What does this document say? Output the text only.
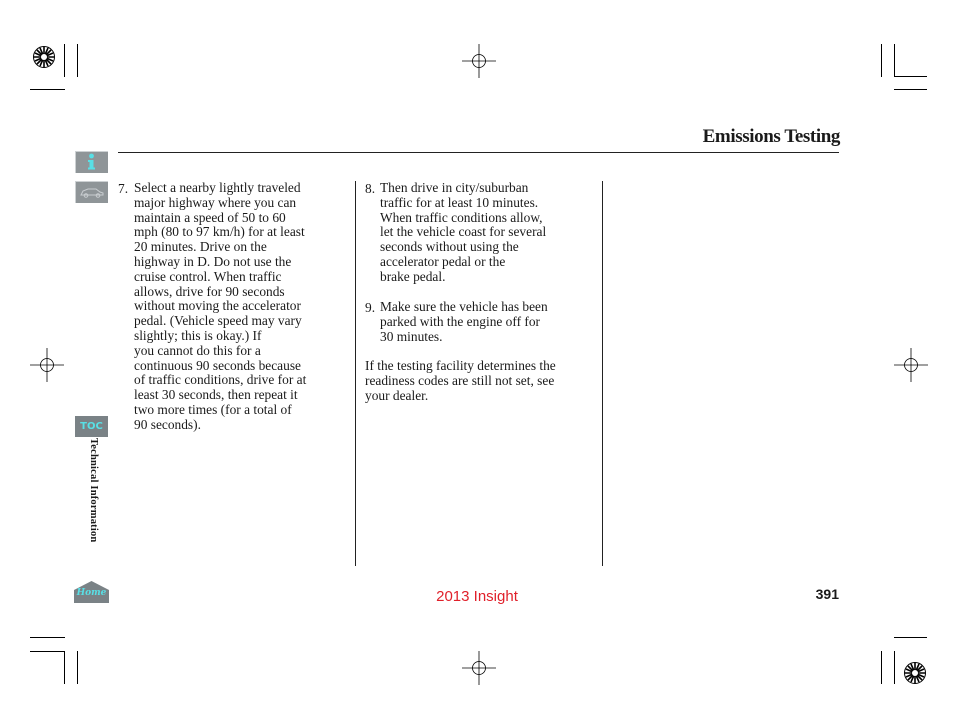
Emissions Testing
7. Select a nearby lightly traveled
major highway where you can
maintain a speed of 50 to 60
mph (80 to 97 km/h) for at least
20 minutes. Drive on the
highway in D. Do not use the
cruise control. When traffic
allows, drive for 90 seconds
without moving the accelerator
pedal. (Vehicle speed may vary
slightly; this is okay.) If
you cannot do this for a
continuous 90 seconds because
of traffic conditions, drive for at
least 30 seconds, then repeat it
two more times (for a total of
90 seconds).
8. Then drive in city/suburban
traffic for at least 10 minutes.
When traffic conditions allow,
let the vehicle coast for several
seconds without using the
accelerator pedal or the
brake pedal.
9. Make sure the vehicle has been
parked with the engine off for
30 minutes.
If the testing facility determines the
readiness codes are still not set, see
your dealer.
TOC
Technical Information
Home	2013 Insight	391
